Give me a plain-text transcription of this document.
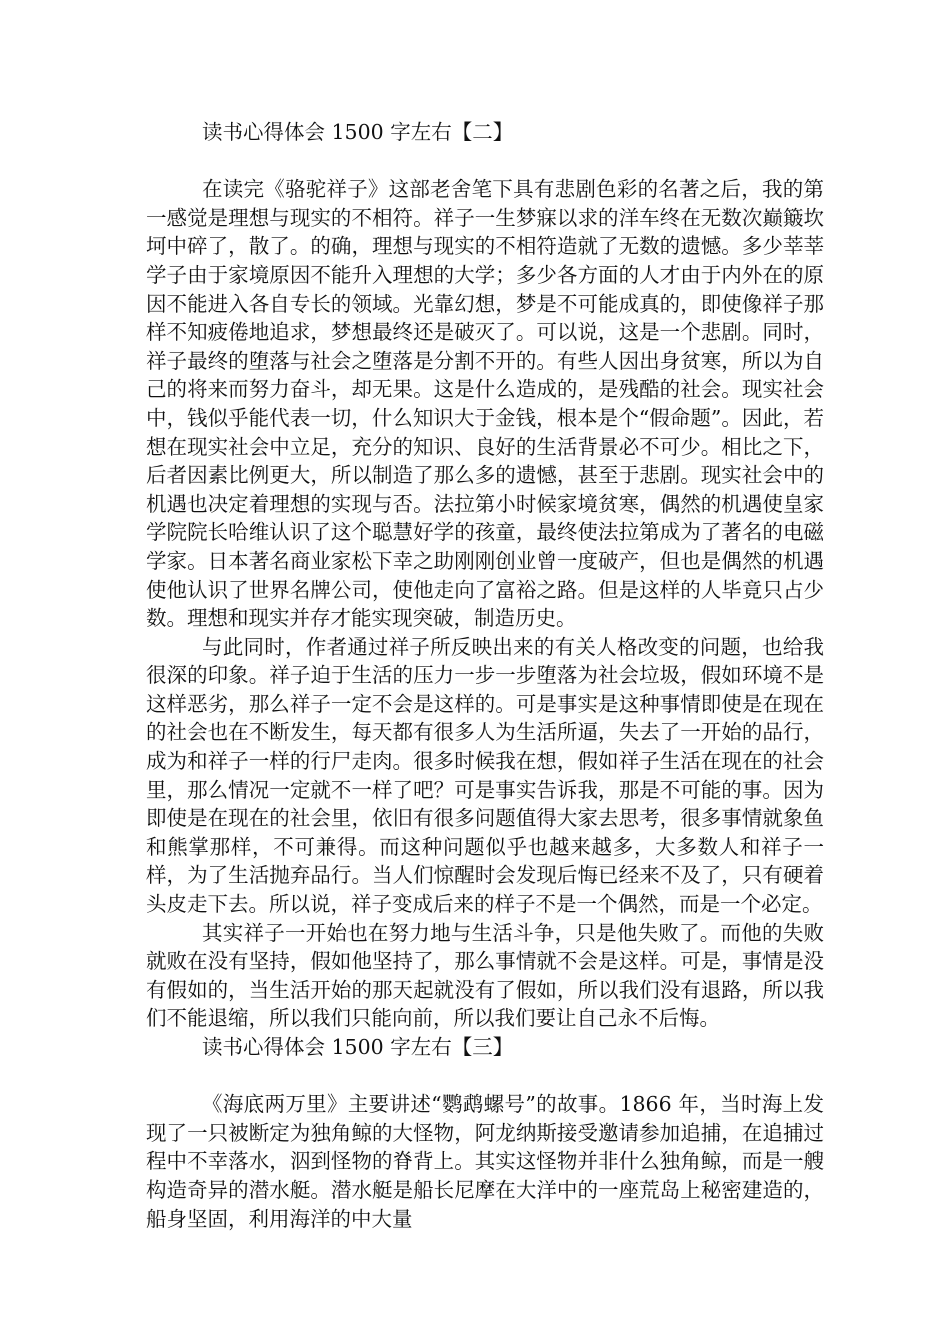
读书心得体会 1500 字左右【二】

在读完《骆驼祥子》这部老舍笔下具有悲剧色彩的名著之后，我的第一感觉是理想与现实的不相符。祥子一生梦寐以求的洋车终在无数次巅簸坎坷中碎了，散了。的确，理想与现实的不相符造就了无数的遗憾。多少莘莘学子由于家境原因不能升入理想的大学；多少各方面的人才由于内外在的原因不能进入各自专长的领域。光靠幻想，梦是不可能成真的，即使像祥子那样不知疲倦地追求，梦想最终还是破灭了。可以说，这是一个悲剧。同时，祥子最终的堕落与社会之堕落是分割不开的。有些人因出身贫寒，所以为自己的将来而努力奋斗，却无果。这是什么造成的，是残酷的社会。现实社会中，钱似乎能代表一切，什么知识大于金钱，根本是个“假命题”。因此，若想在现实社会中立足，充分的知识、良好的生活背景必不可少。相比之下，后者因素比例更大，所以制造了那么多的遗憾，甚至于悲剧。现实社会中的机遇也决定着理想的实现与否。法拉第小时候家境贫寒，偶然的机遇使皇家学院院长哈维认识了这个聪慧好学的孩童，最终使法拉第成为了著名的电磁学家。日本著名商业家松下幸之助刚刚创业曾一度破产，但也是偶然的机遇使他认识了世界名牌公司，使他走向了富裕之路。但是这样的人毕竟只占少数。理想和现实并存才能实现突破，制造历史。

与此同时，作者通过祥子所反映出来的有关人格改变的问题，也给我很深的印象。祥子迫于生活的压力一步一步堕落为社会垃圾，假如环境不是这样恶劣，那么祥子一定不会是这样的。可是事实是这种事情即使是在现在的社会也在不断发生，每天都有很多人为生活所逼，失去了一开始的品行，成为和祥子一样的行尸走肉。很多时候我在想，假如祥子生活在现在的社会里，那么情况一定就不一样了吧？可是事实告诉我，那是不可能的事。因为即使是在现在的社会里，依旧有很多问题值得大家去思考，很多事情就象鱼和熊掌那样，不可兼得。而这种问题似乎也越来越多，大多数人和祥子一样，为了生活抛弃品行。当人们惊醒时会发现后悔已经来不及了，只有硬着头皮走下去。所以说，祥子变成后来的样子不是一个偶然，而是一个必定。

其实祥子一开始也在努力地与生活斗争，只是他失败了。而他的失败就败在没有坚持，假如他坚持了，那么事情就不会是这样。可是，事情是没有假如的，当生活开始的那天起就没有了假如，所以我们没有退路，所以我们不能退缩，所以我们只能向前，所以我们要让自己永不后悔。

读书心得体会 1500 字左右【三】

《海底两万里》主要讲述“鹦鹉螺号”的故事。1866 年，当时海上发现了一只被断定为独角鲸的大怪物，阿龙纳斯接受邀请参加追捕，在追捕过程中不幸落水，泅到怪物的脊背上。其实这怪物并非什么独角鲸，而是一艘构造奇异的潜水艇。潜水艇是船长尼摩在大洋中的一座荒岛上秘密建造的，船身坚固，利用海洋的中大量
